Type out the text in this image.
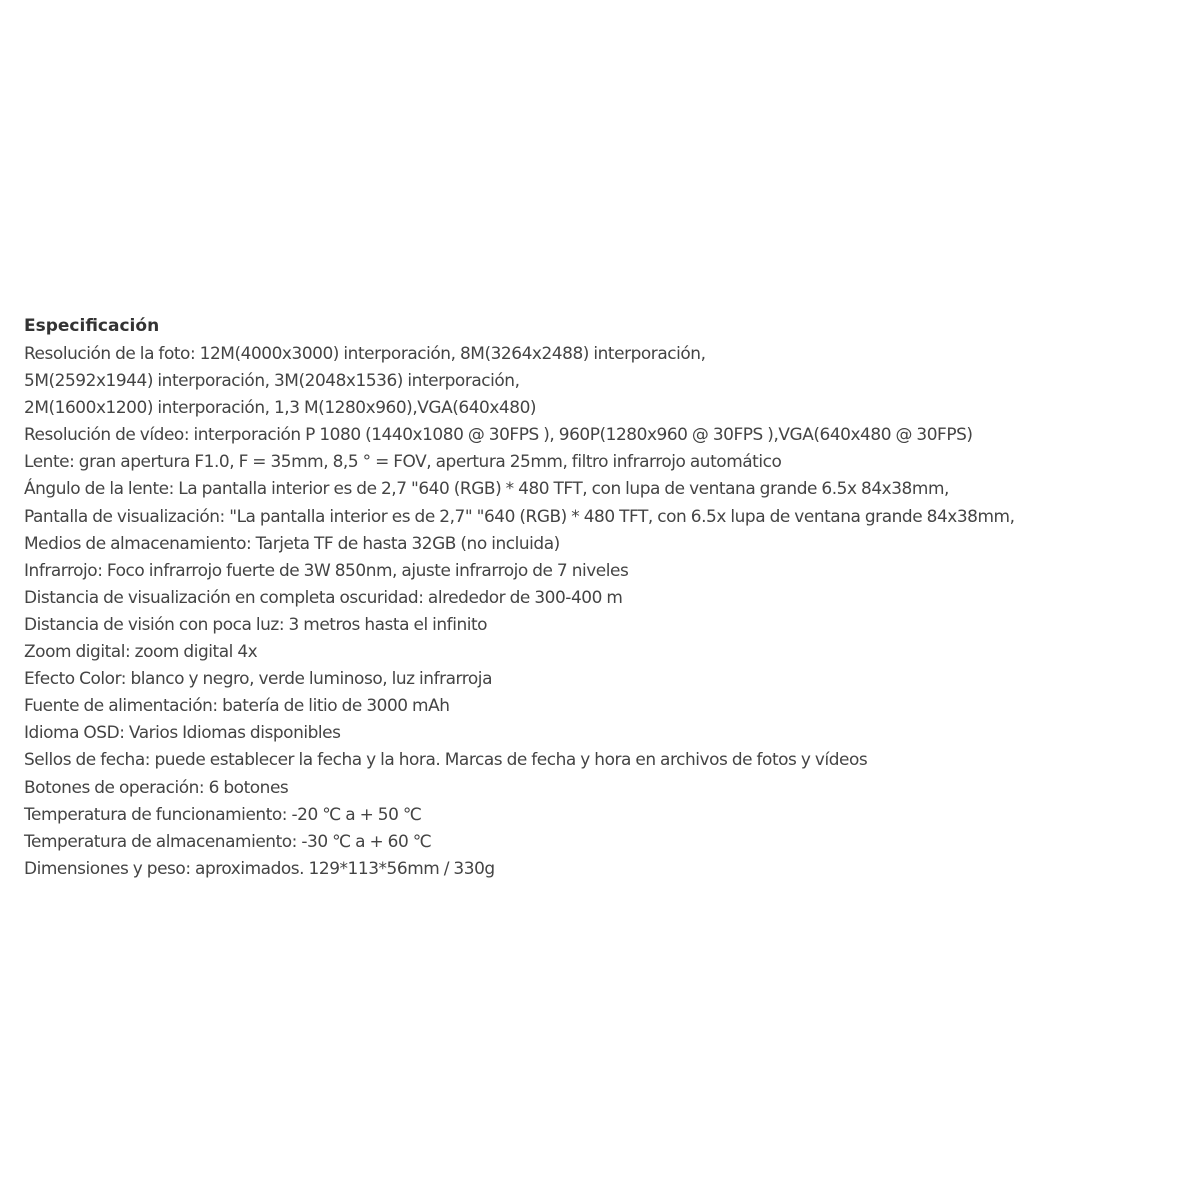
Especificación

Resolución de la foto: 12M(4000x3000) interporación, 8M(3264x2488) interporación,
5M(2592x1944) interporación, 3M(2048x1536) interporación,
2M(1600x1200) interporación, 1,3 M(1280x960),VGA(640x480)
Resolución de vídeo: interporación P 1080 (1440x1080 @ 30FPS ), 960P(1280x960 @ 30FPS ),VGA(640x480 @ 30FPS)
Lente: gran apertura F1.0, F = 35mm, 8,5 ° = FOV, apertura 25mm, filtro infrarrojo automático
Ángulo de la lente: La pantalla interior es de 2,7 "640 (RGB) * 480 TFT, con lupa de ventana grande 6.5x 84x38mm,
Pantalla de visualización: "La pantalla interior es de 2,7" "640 (RGB) * 480 TFT, con 6.5x lupa de ventana grande 84x38mm,
Medios de almacenamiento: Tarjeta TF de hasta 32GB (no incluida)
Infrarrojo: Foco infrarrojo fuerte de 3W 850nm, ajuste infrarrojo de 7 niveles
Distancia de visualización en completa oscuridad: alrededor de 300-400 m
Distancia de visión con poca luz: 3 metros hasta el infinito
Zoom digital: zoom digital 4x
Efecto Color: blanco y negro, verde luminoso, luz infrarroja
Fuente de alimentación: batería de litio de 3000 mAh
Idioma OSD: Varios Idiomas disponibles
Sellos de fecha: puede establecer la fecha y la hora. Marcas de fecha y hora en archivos de fotos y vídeos
Botones de operación: 6 botones
Temperatura de funcionamiento: -20 ℃ a + 50 ℃
Temperatura de almacenamiento: -30 ℃ a + 60 ℃
Dimensiones y peso: aproximados. 129*113*56mm / 330g
